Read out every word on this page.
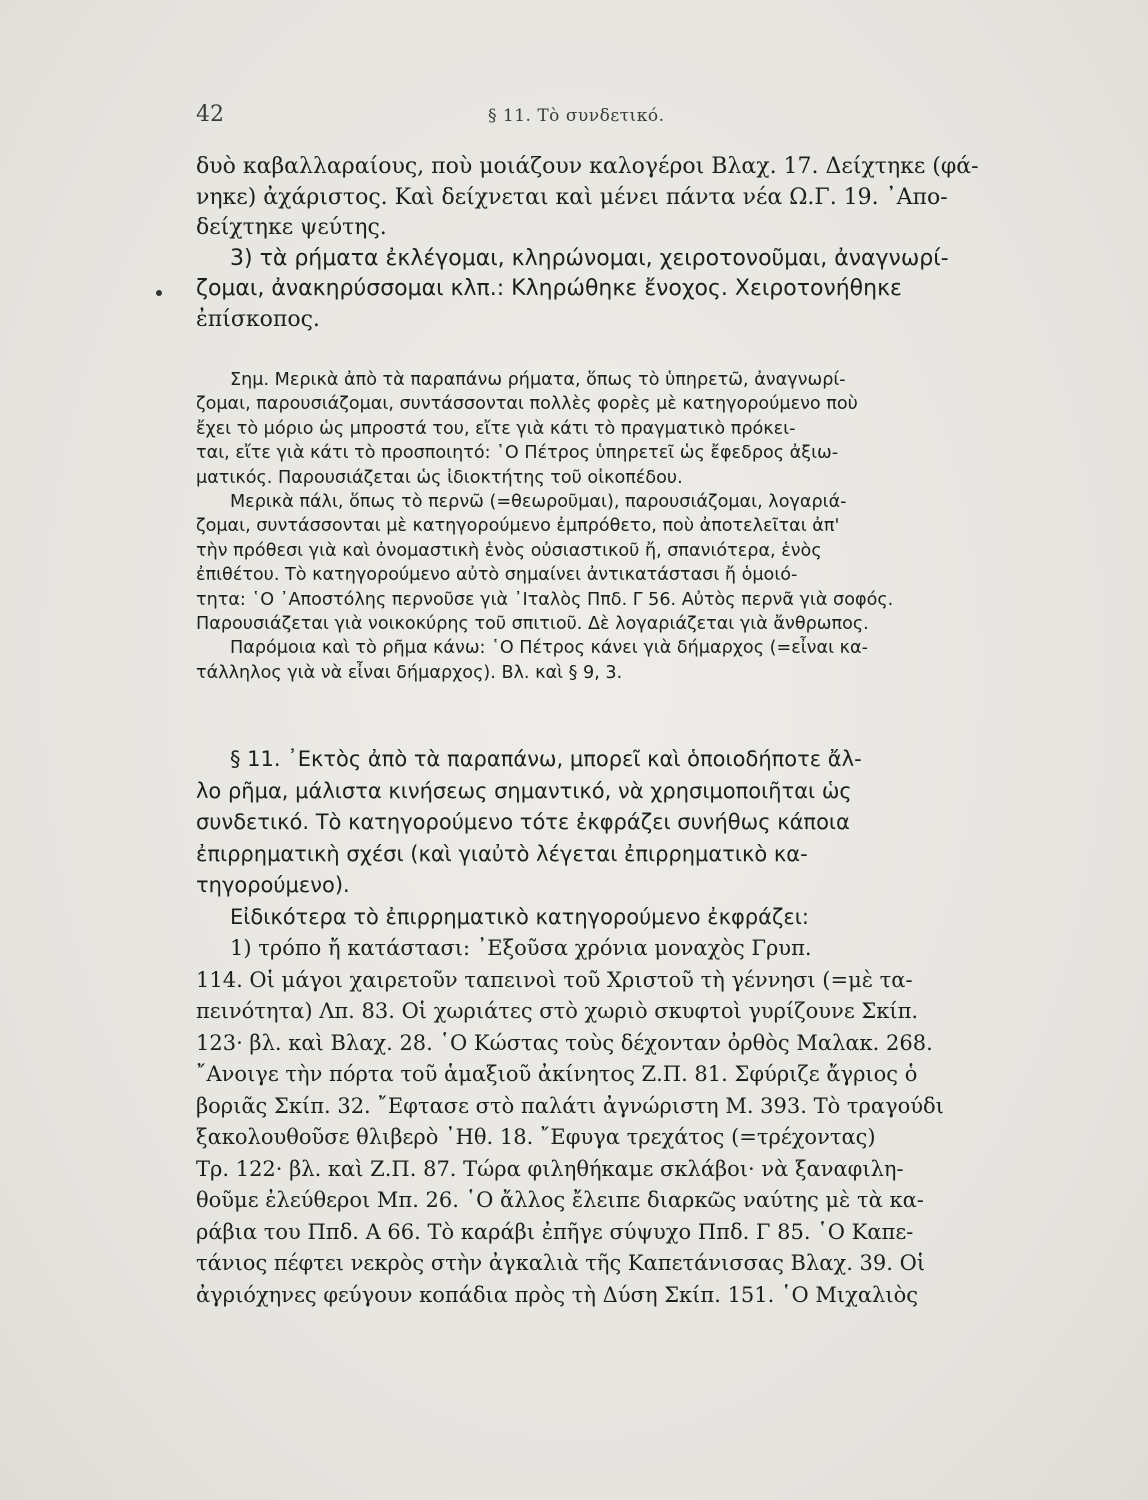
42	§ 11. Τὸ συνδετικό.
δυὸ καβαλλαραίους, ποὺ μοιάζουν καλογέροι Βλαχ. 17. Δείχτηκε (φά-
νηκε) ἀχάριστος. Καὶ δείχνεται καὶ μένει πάντα νέα Ω.Γ. 19. ᾿Απο-
δείχτηκε ψεύτης.
3) τὰ ρήματα ἐκλέγομαι, κληρώνομαι, χειροτονοῦμαι, ἀναγνωρί-
ζομαι, ἀνακηρύσσομαι κλπ.: Κληρώθηκε ἔνοχος. Χειροτονήθηκε
ἐπίσκοπος.
Σημ. Μερικὰ ἀπὸ τὰ παραπάνω ρήματα, ὅπως τὸ ὑπηρετῶ, ἀναγνωρί-
ζομαι, παρουσιάζομαι, συντάσσονται πολλὲς φορὲς μὲ κατηγορούμενο ποὺ
ἔχει τὸ μόριο ὡς μπροστά του, εἴτε γιὰ κάτι τὸ πραγματικὸ πρόκει-
ται, εἴτε γιὰ κάτι τὸ προσποιητό: ῾Ο Πέτρος ὑπηρετεῖ ὡς ἔφεδρος ἀξιω-
ματικός. Παρουσιάζεται ὡς ἰδιοκτήτης τοῦ οἰκοπέδου.
Μερικὰ πάλι, ὅπως τὸ περνῶ (=θεωροῦμαι), παρουσιάζομαι, λογαριά-
ζομαι, συντάσσονται μὲ κατηγορούμενο ἐμπρόθετο, ποὺ ἀποτελεῖται ἀπ'
τὴν πρόθεσι γιὰ καὶ ὀνομαστικὴ ἑνὸς οὐσιαστικοῦ ἤ, σπανιότερα, ἑνὸς
ἐπιθέτου. Τὸ κατηγορούμενο αὐτὸ σημαίνει ἀντικατάστασι ἤ ὁμοιό-
τητα: ῾Ο ᾿Αποστόλης περνοῦσε γιὰ ᾿Ιταλὸς Ππδ. Γ 56. Αὐτὸς περνᾶ γιὰ σοφός.
Παρουσιάζεται γιὰ νοικοκύρης τοῦ σπιτιοῦ. Δὲ λογαριάζεται γιὰ ἄνθρωπος.
Παρόμοια καὶ τὸ ρῆμα κάνω: ῾Ο Πέτρος κάνει γιὰ δήμαρχος (=εἶναι κα-
τάλληλος γιὰ νὰ εἶναι δήμαρχος). Βλ. καὶ § 9, 3.
§ 11. ᾿Εκτὸς ἀπὸ τὰ παραπάνω, μπορεῖ καὶ ὁποιοδήποτε ἄλ-
λο ρῆμα, μάλιστα κινήσεως σημαντικό, νὰ χρησιμοποιῆται ὡς
συνδετικό. Τὸ κατηγορούμενο τότε ἐκφράζει συνήθως κάποια
ἐπιρρηματικὴ σχέσι (καὶ γιαὐτὸ λέγεται ἐπιρρηματικὸ κα-
τηγορούμενο).
Εἰδικότερα τὸ ἐπιρρηματικὸ κατηγορούμενο ἐκφράζει:
1) τρόπο ἤ κατάστασι: ᾿Εξοῦσα χρόνια μοναχὸς Γρυπ.
114. Οἱ μάγοι χαιρετοῦν ταπεινοὶ τοῦ Χριστοῦ τὴ γέννησι (=μὲ τα-
πεινότητα) Λπ. 83. Οἱ χωριάτες στὸ χωριὸ σκυφτοὶ γυρίζουνε Σκίπ.
123· βλ. καὶ Βλαχ. 28. ῾Ο Κώστας τοὺς δέχονταν ὀρθὸς Μαλακ. 268.
῎Ανοιγε τὴν πόρτα τοῦ ἁμαξιοῦ ἀκίνητος Ζ.Π. 81. Σφύριζε ἄγριος ὁ
βοριᾶς Σκίπ. 32. ῎Εφτασε στὸ παλάτι ἀγνώριστη Μ. 393. Τὸ τραγούδι
ξακολουθοῦσε θλιβερὸ ᾿Ηθ. 18. ῎Εφυγα τρεχάτος (=τρέχοντας)
Τρ. 122· βλ. καὶ Ζ.Π. 87. Τώρα φιληθήκαμε σκλάβοι· νὰ ξαναφιλη-
θοῦμε ἐλεύθεροι Μπ. 26. ῾Ο ἄλλος ἔλειπε διαρκῶς ναύτης μὲ τὰ κα-
ράβια του Ππδ. Α 66. Τὸ καράβι ἐπῆγε σύψυχο Ππδ. Γ 85. ῾Ο Καπε-
τάνιος πέφτει νεκρὸς στὴν ἀγκαλιὰ τῆς Καπετάνισσας Βλαχ. 39. Οἱ
ἀγριόχηνες φεύγουν κοπάδια πρὸς τὴ Δύση Σκίπ. 151. ῾Ο Μιχαλιὸς
